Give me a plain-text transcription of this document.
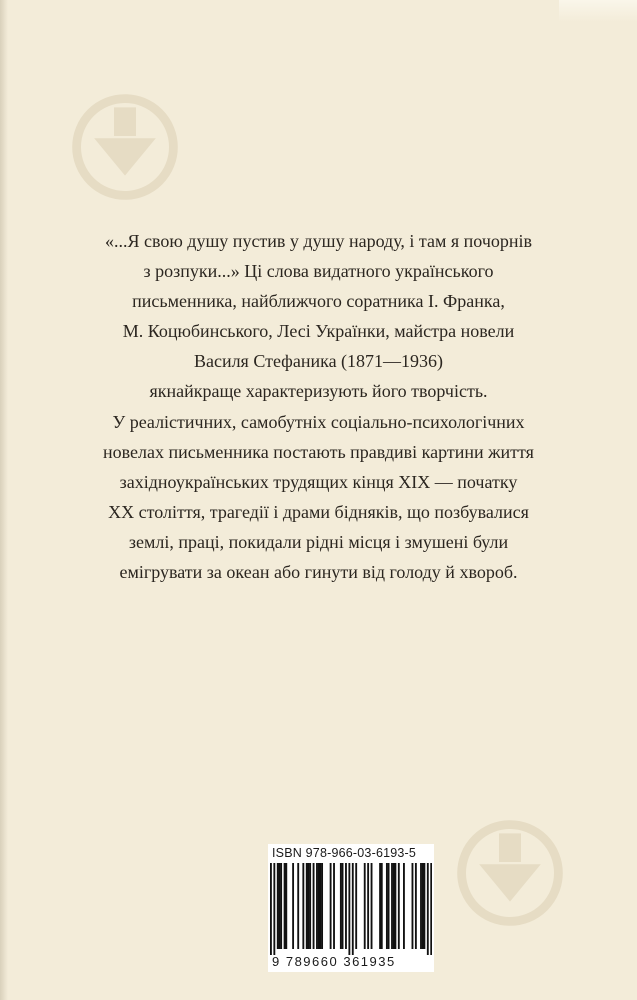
«...Я свою душу пустив у душу народу, і там я почорнів
з розпуки...» Ці слова видатного українського
письменника, найближчого соратника І. Франка,
М. Коцюбинського, Лесі Українки, майстра новели
Василя Стефаника (1871—1936)
якнайкраще характеризують його творчість.
У реалістичних, самобутніх соціально-психологічних
новелах письменника постають правдиві картини життя
західноукраїнських трудящих кінця XIX — початку
XX століття, трагедії і драми бідняків, що позбувалися
землі, праці, покидали рідні місця і змушені були
емігрувати за океан або гинути від голоду й хвороб.
ISBN 978-966-03-6193-5
9 789660 361935
